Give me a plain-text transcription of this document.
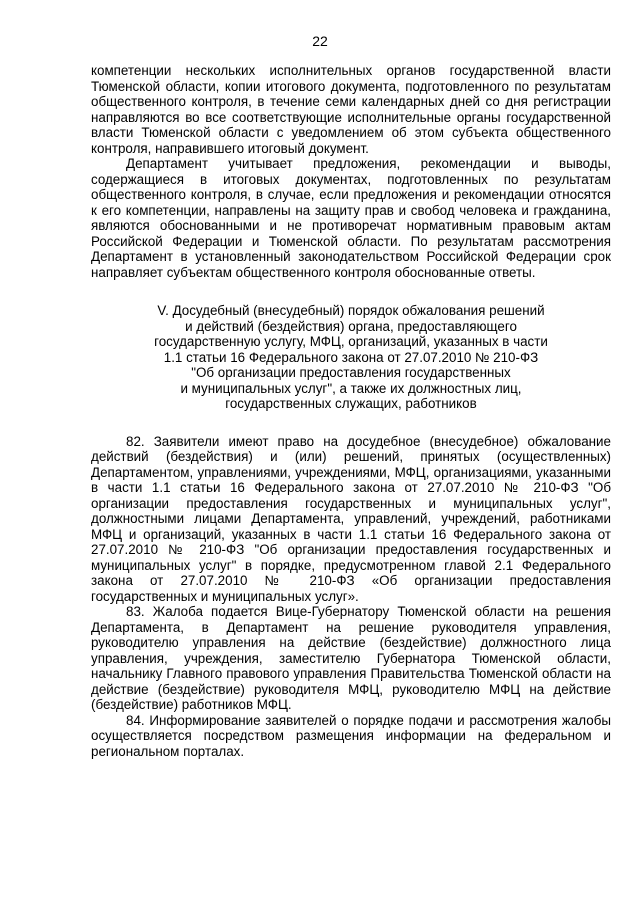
22

компетенции нескольких исполнительных органов государственной власти Тюменской области, копии итогового документа, подготовленного по результатам общественного контроля, в течение семи календарных дней со дня регистрации направляются во все соответствующие исполнительные органы государственной власти Тюменской области с уведомлением об этом субъекта общественного контроля, направившего итоговый документ.

Департамент учитывает предложения, рекомендации и выводы, содержащиеся в итоговых документах, подготовленных по результатам общественного контроля, в случае, если предложения и рекомендации относятся к его компетенции, направлены на защиту прав и свобод человека и гражданина, являются обоснованными и не противоречат нормативным правовым актам Российской Федерации и Тюменской области. По результатам рассмотрения Департамент в установленный законодательством Российской Федерации срок направляет субъектам общественного контроля обоснованные ответы.

V. Досудебный (внесудебный) порядок обжалования решений
и действий (бездействия) органа, предоставляющего
государственную услугу, МФЦ, организаций, указанных в части
1.1 статьи 16 Федерального закона от 27.07.2010 № 210-ФЗ
"Об организации предоставления государственных
и муниципальных услуг", а также их должностных лиц,
государственных служащих, работников

82. Заявители имеют право на досудебное (внесудебное) обжалование действий (бездействия) и (или) решений, принятых (осуществленных) Департаментом, управлениями, учреждениями, МФЦ, организациями, указанными в части 1.1 статьи 16 Федерального закона от 27.07.2010 № 210-ФЗ "Об организации предоставления государственных и муниципальных услуг", должностными лицами Департамента, управлений, учреждений, работниками МФЦ и организаций, указанных в части 1.1 статьи 16 Федерального закона от 27.07.2010 № 210-ФЗ "Об организации предоставления государственных и муниципальных услуг" в порядке, предусмотренном главой 2.1 Федерального закона от 27.07.2010 № 210-ФЗ «Об организации предоставления государственных и муниципальных услуг».

83. Жалоба подается Вице-Губернатору Тюменской области на решения Департамента, в Департамент на решение руководителя управления, руководителю управления на действие (бездействие) должностного лица управления, учреждения, заместителю Губернатора Тюменской области, начальнику Главного правового управления Правительства Тюменской области на действие (бездействие) руководителя МФЦ, руководителю МФЦ на действие (бездействие) работников МФЦ.

84. Информирование заявителей о порядке подачи и рассмотрения жалобы осуществляется посредством размещения информации на федеральном и региональном порталах.
